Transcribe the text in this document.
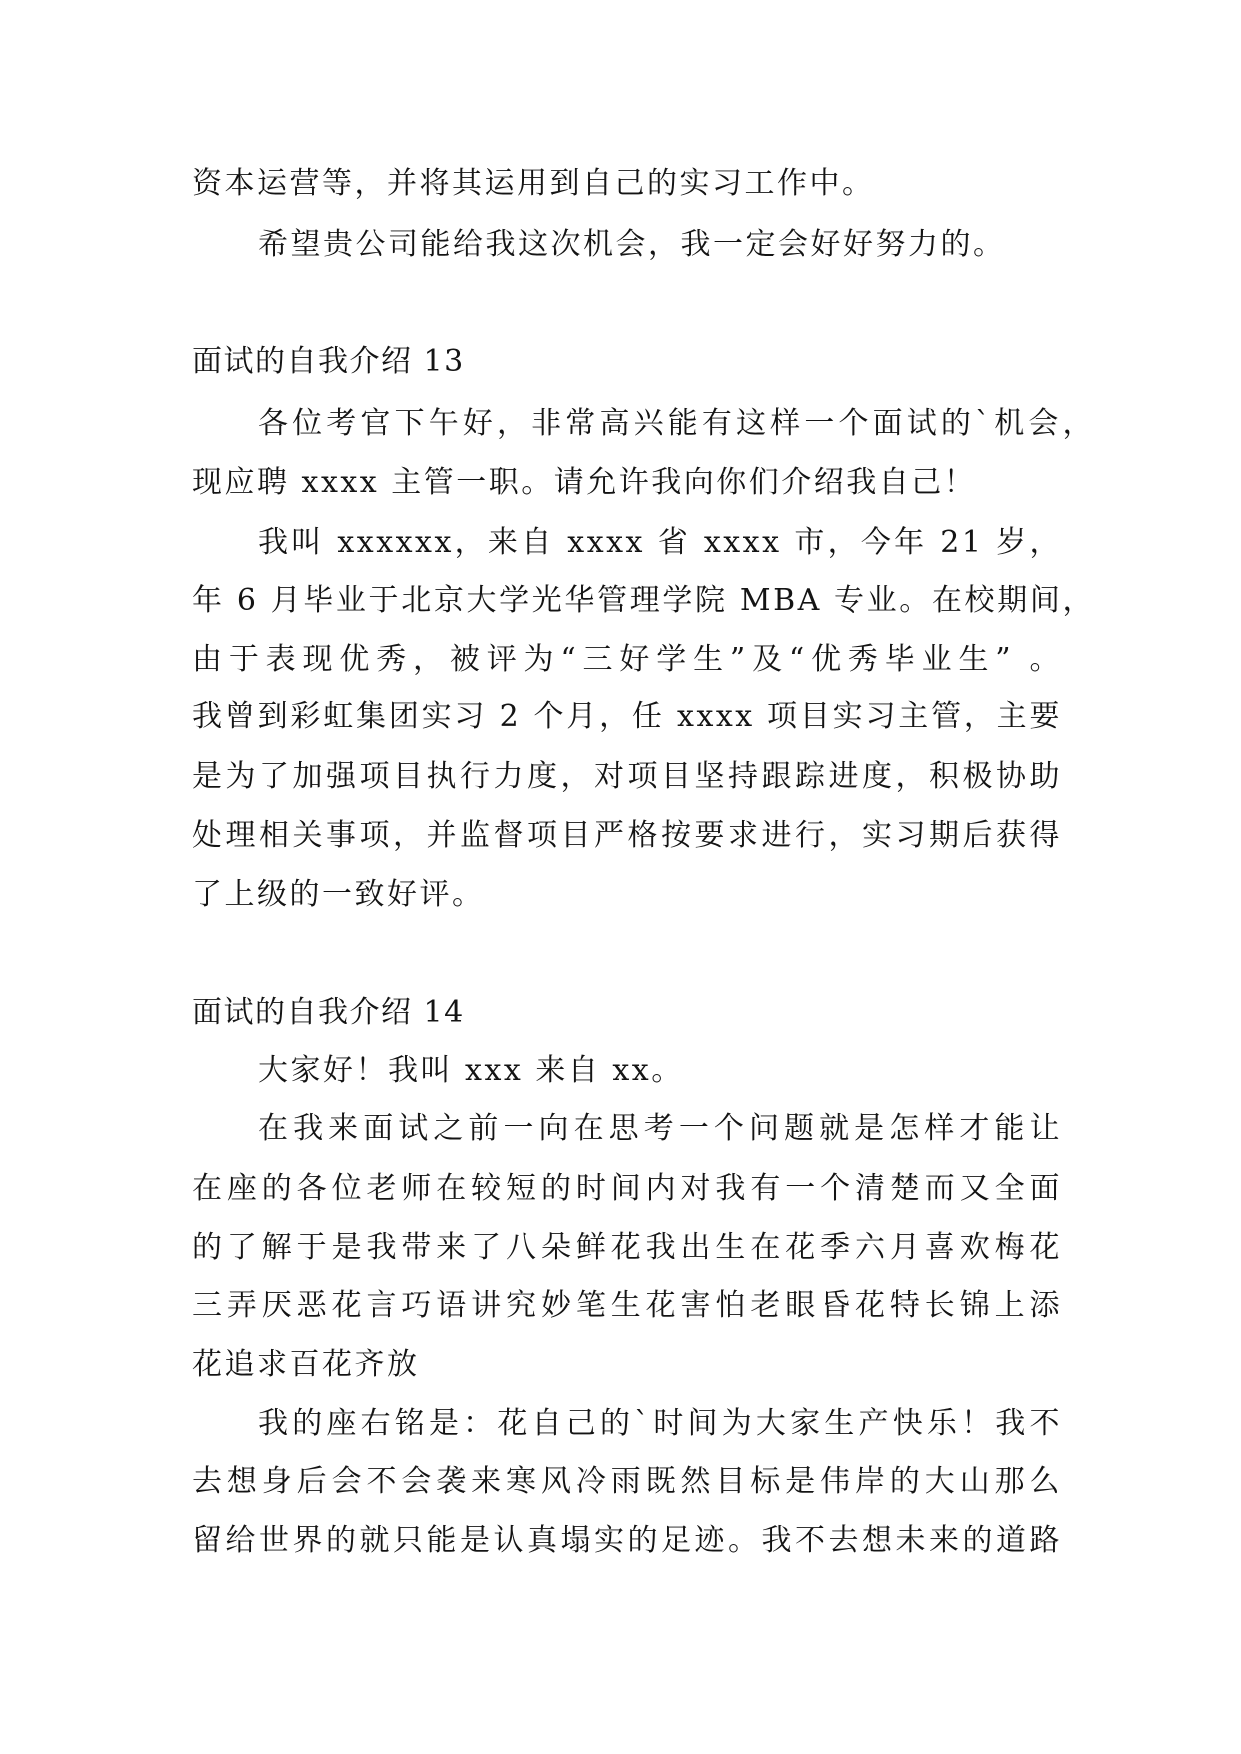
资本运营等，并将其运用到自己的实习工作中。
希望贵公司能给我这次机会，我一定会好好努力的。
面试的自我介绍 13
各位考官下午好，非常高兴能有这样一个面试的`机会，
现应聘 xxxx 主管一职。请允许我向你们介绍我自己！
我叫 xxxxxx，来自 xxxx 省 xxxx 市，今年 21 岁，
年 6 月毕业于北京大学光华管理学院 MBA 专业。在校期间，
由于表现优秀，被评为“三好学生”及“优秀毕业生” 。
我曾到彩虹集团实习 2 个月，任 xxxx 项目实习主管，主要
是为了加强项目执行力度，对项目坚持跟踪进度，积极协助
处理相关事项，并监督项目严格按要求进行，实习期后获得
了上级的一致好评。
面试的自我介绍 14
大家好！我叫 xxx 来自 xx。
在我来面试之前一向在思考一个问题就是怎样才能让
在座的各位老师在较短的时间内对我有一个清楚而又全面
的了解于是我带来了八朵鲜花我出生在花季六月喜欢梅花
三弄厌恶花言巧语讲究妙笔生花害怕老眼昏花特长锦上添
花追求百花齐放
我的座右铭是：花自己的`时间为大家生产快乐！我不
去想身后会不会袭来寒风冷雨既然目标是伟岸的大山那么
留给世界的就只能是认真塌实的足迹。我不去想未来的道路
